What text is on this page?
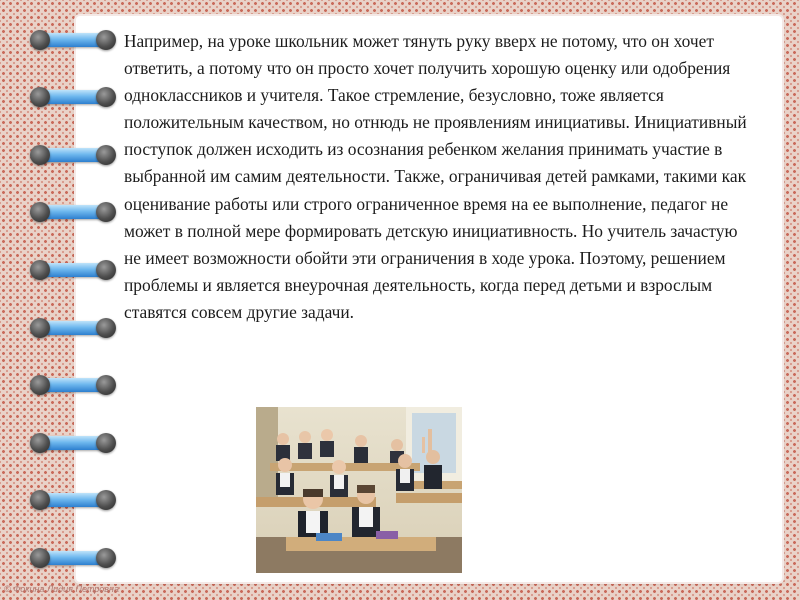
Например, на уроке школьник может тянуть руку вверх не потому, что он хочет ответить, а потому что он просто хочет получить хорошую оценку или одобрения одноклассников и учителя. Такое стремление, безусловно, тоже является положительным качеством, но отнюдь не проявлениям инициативы. Инициативный поступок должен исходить из осознания ребенком желания принимать участие в выбранной им самим деятельности. Также, ограничивая детей рамками, такими как оценивание работы или строго ограниченное время на ее выполнение, педагог не может в полной мере формировать детскую инициативность. Но учитель зачастую не имеет возможности обойти эти ограничения в ходе урока. Поэтому, решением проблемы и является внеурочная деятельность, когда перед детьми и взрослым ставятся совсем другие задачи.

© Фокина Лидия Петровна
